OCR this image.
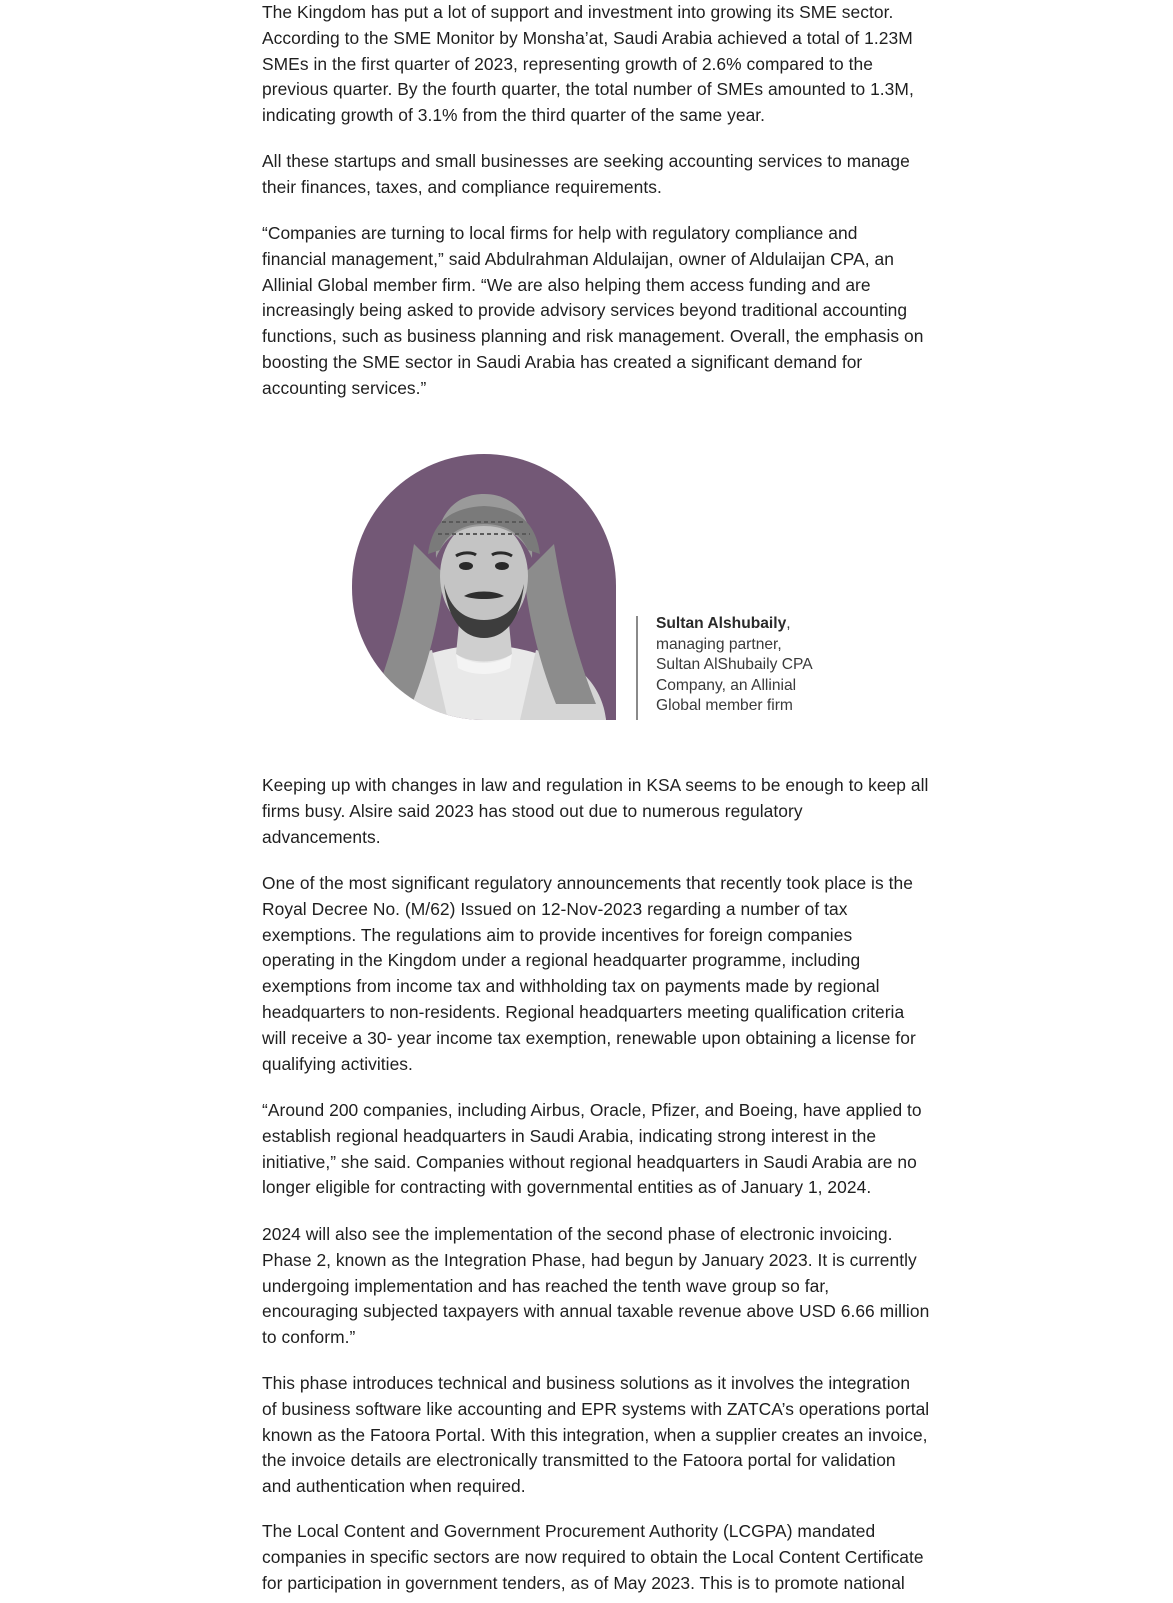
The Kingdom has put a lot of support and investment into growing its SME sector.
According to the SME Monitor by Monsha’at, Saudi Arabia achieved a total of 1.23M
SMEs in the first quarter of 2023, representing growth of 2.6% compared to the
previous quarter. By the fourth quarter, the total number of SMEs amounted to 1.3M,
indicating growth of 3.1% from the third quarter of the same year.

All these startups and small businesses are seeking accounting services to manage
their finances, taxes, and compliance requirements.

“Companies are turning to local firms for help with regulatory compliance and
financial management,” said Abdulrahman Aldulaijan, owner of Aldulaijan CPA, an
Allinial Global member firm. “We are also helping them access funding and are
increasingly being asked to provide advisory services beyond traditional accounting
functions, such as business planning and risk management. Overall, the emphasis on
boosting the SME sector in Saudi Arabia has created a significant demand for
accounting services.”

Keeping up with changes in law and regulation in KSA seems to be enough to keep all
firms busy. Alsire said 2023 has stood out due to numerous regulatory
advancements.

One of the most significant regulatory announcements that recently took place is the
Royal Decree No. (M/62) Issued on 12-Nov-2023 regarding a number of tax
exemptions. The regulations aim to provide incentives for foreign companies
operating in the Kingdom under a regional headquarter programme, including
exemptions from income tax and withholding tax on payments made by regional
headquarters to non-residents. Regional headquarters meeting qualification criteria
will receive a 30- year income tax exemption, renewable upon obtaining a license for
qualifying activities.

“Around 200 companies, including Airbus, Oracle, Pfizer, and Boeing, have applied to
establish regional headquarters in Saudi Arabia, indicating strong interest in the
initiative,” she said. Companies without regional headquarters in Saudi Arabia are no
longer eligible for contracting with governmental entities as of January 1, 2024.

2024 will also see the implementation of the second phase of electronic invoicing.
Phase 2, known as the Integration Phase, had begun by January 2023. It is currently
undergoing implementation and has reached the tenth wave group so far,
encouraging subjected taxpayers with annual taxable revenue above USD 6.66 million
to conform.”

This phase introduces technical and business solutions as it involves the integration
of business software like accounting and EPR systems with ZATCA’s operations portal
known as the Fatoora Portal. With this integration, when a supplier creates an invoice,
the invoice details are electronically transmitted to the Fatoora portal for validation
and authentication when required.

The Local Content and Government Procurement Authority (LCGPA) mandated
companies in specific sectors are now required to obtain the Local Content Certificate
for participation in government tenders, as of May 2023. This is to promote national

Sultan Alshubaily,
managing partner,
Sultan AlShubaily CPA
Company, an Allinial
Global member firm
